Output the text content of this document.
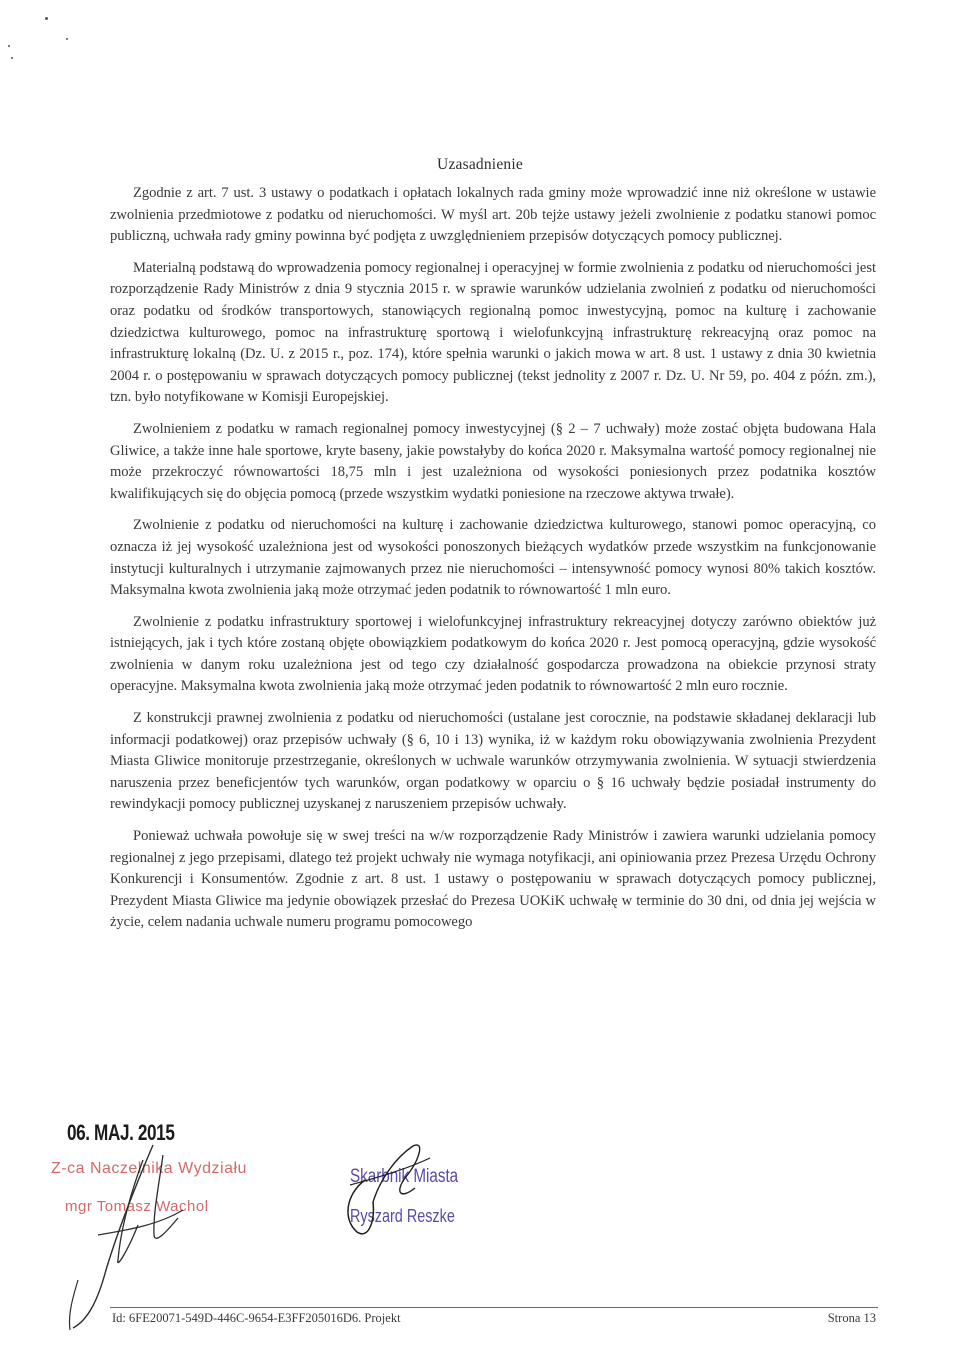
Uzasadnienie

Zgodnie z art. 7 ust. 3 ustawy o podatkach i opłatach lokalnych rada gminy może wprowadzić inne niż określone w ustawie zwolnienia przedmiotowe z podatku od nieruchomości. W myśl art. 20b tejże ustawy jeżeli zwolnienie z podatku stanowi pomoc publiczną, uchwała rady gminy powinna być podjęta z uwzględnieniem przepisów dotyczących pomocy publicznej.

Materialną podstawą do wprowadzenia pomocy regionalnej i operacyjnej w formie zwolnienia z podatku od nieruchomości jest rozporządzenie Rady Ministrów z dnia 9 stycznia 2015 r. w sprawie warunków udzielania zwolnień z podatku od nieruchomości oraz podatku od środków transportowych, stanowiących regionalną pomoc inwestycyjną, pomoc na kulturę i zachowanie dziedzictwa kulturowego, pomoc na infrastrukturę sportową i wielofunkcyjną infrastrukturę rekreacyjną oraz pomoc na infrastrukturę lokalną (Dz. U. z 2015 r., poz. 174), które spełnia warunki o jakich mowa w art. 8 ust. 1 ustawy z dnia 30 kwietnia 2004 r. o postępowaniu w sprawach dotyczących pomocy publicznej (tekst jednolity z 2007 r. Dz. U. Nr 59, po. 404 z późn. zm.), tzn. było notyfikowane w Komisji Europejskiej.

Zwolnieniem z podatku w ramach regionalnej pomocy inwestycyjnej (§ 2 – 7 uchwały) może zostać objęta budowana Hala Gliwice, a także inne hale sportowe, kryte baseny, jakie powstałyby do końca 2020 r. Maksymalna wartość pomocy regionalnej nie może przekroczyć równowartości 18,75 mln i jest uzależniona od wysokości poniesionych przez podatnika kosztów kwalifikujących się do objęcia pomocą (przede wszystkim wydatki poniesione na rzeczowe aktywa trwałe).

Zwolnienie z podatku od nieruchomości na kulturę i zachowanie dziedzictwa kulturowego, stanowi pomoc operacyjną, co oznacza iż jej wysokość uzależniona jest od wysokości ponoszonych bieżących wydatków przede wszystkim na funkcjonowanie instytucji kulturalnych i utrzymanie zajmowanych przez nie nieruchomości – intensywność pomocy wynosi 80% takich kosztów. Maksymalna kwota zwolnienia jaką może otrzymać jeden podatnik to równowartość 1 mln euro.

Zwolnienie z podatku infrastruktury sportowej i wielofunkcyjnej infrastruktury rekreacyjnej dotyczy zarówno obiektów już istniejących, jak i tych które zostaną objęte obowiązkiem podatkowym do końca 2020 r. Jest pomocą operacyjną, gdzie wysokość zwolnienia w danym roku uzależniona jest od tego czy działalność gospodarcza prowadzona na obiekcie przynosi straty operacyjne. Maksymalna kwota zwolnienia jaką może otrzymać jeden podatnik to równowartość 2 mln euro rocznie.

Z konstrukcji prawnej zwolnienia z podatku od nieruchomości (ustalane jest corocznie, na podstawie składanej deklaracji lub informacji podatkowej) oraz przepisów uchwały (§ 6, 10 i 13) wynika, iż w każdym roku obowiązywania zwolnienia Prezydent Miasta Gliwice monitoruje przestrzeganie, określonych w uchwale warunków otrzymywania zwolnienia. W sytuacji stwierdzenia naruszenia przez beneficjentów tych warunków, organ podatkowy w oparciu o § 16 uchwały będzie posiadał instrumenty do rewindykacji pomocy publicznej uzyskanej z naruszeniem przepisów uchwały.

Ponieważ uchwała powołuje się w swej treści na w/w rozporządzenie Rady Ministrów i zawiera warunki udzielania pomocy regionalnej z jego przepisami, dlatego też projekt uchwały nie wymaga notyfikacji, ani opiniowania przez Prezesa Urzędu Ochrony Konkurencji i Konsumentów. Zgodnie z art. 8 ust. 1 ustawy o postępowaniu w sprawach dotyczących pomocy publicznej, Prezydent Miasta Gliwice ma jedynie obowiązek przesłać do Prezesa UOKiK uchwałę w terminie do 30 dni, od dnia jej wejścia w życie, celem nadania uchwale numeru programu pomocowego

06. MAJ. 2015
Z-ca Naczelnika Wydziału
mgr Tomasz Wachol
Skarbnik Miasta
Ryszard Reszke
Id: 6FE20071-549D-446C-9654-E3FF205016D6. Projekt	Strona 13
